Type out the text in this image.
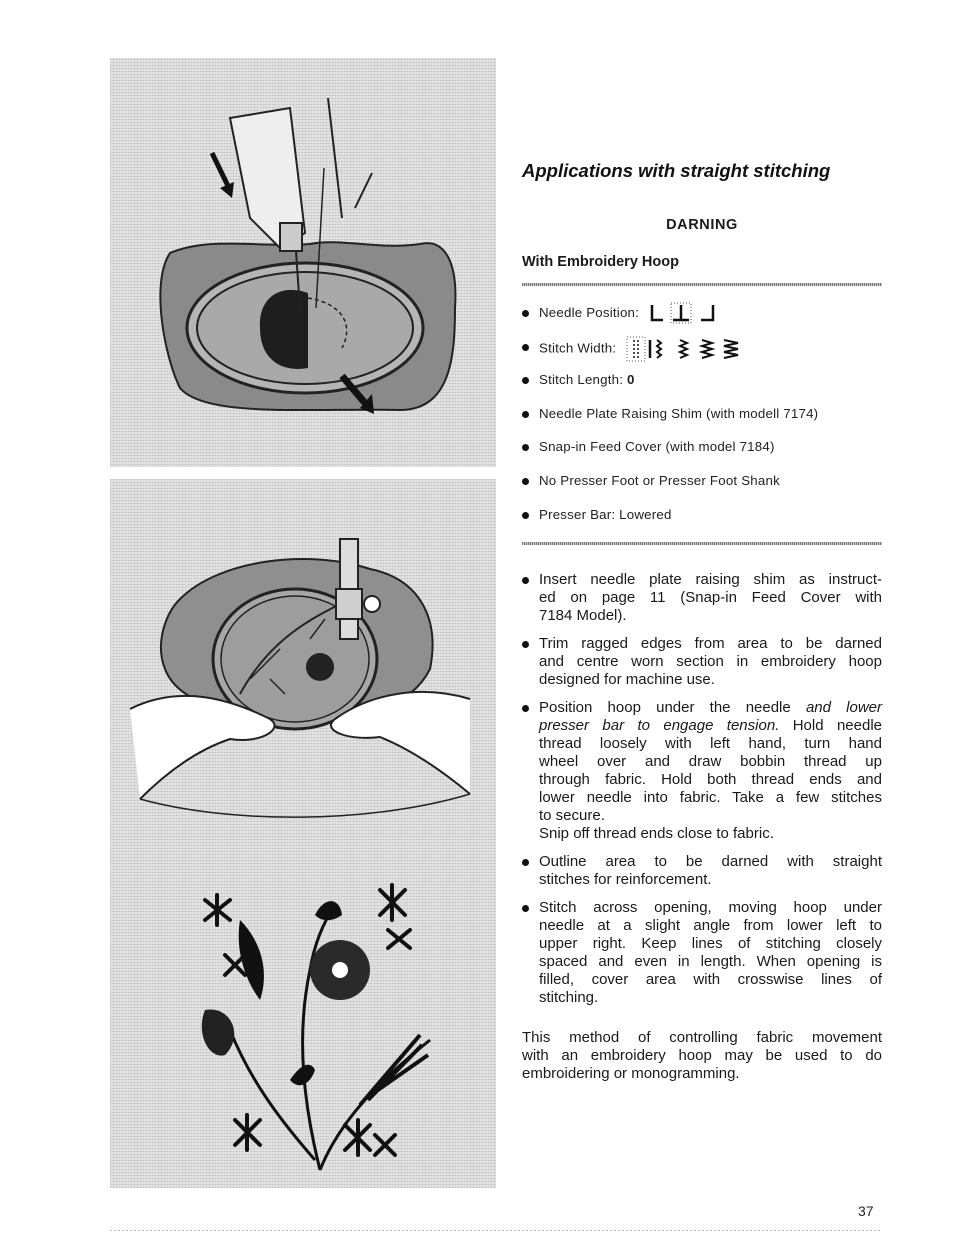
Applications with straight stitching
DARNING
With Embroidery Hoop
Needle Position:
Stitch Width:
Stitch Length: 0
Needle Plate Raising Shim (with modell 7174)
Snap-in Feed Cover (with model 7184)
No Presser Foot or Presser Foot Shank
Presser Bar: Lowered
Insert needle plate raising shim as instruct-
ed on page 11 (Snap-in Feed Cover with
7184 Model).
Trim ragged edges from area to be darned
and centre worn section in embroidery hoop
designed for machine use.
Position hoop under the needle and lower
presser bar to engage tension. Hold needle
thread loosely with left hand, turn hand
wheel over and draw bobbin thread up
through fabric. Hold both thread ends and
lower needle into fabric. Take a few stitches
to secure.
Snip off thread ends close to fabric.
Outline area to be darned with straight
stitches for reinforcement.
Stitch across opening, moving hoop under
needle at a slight angle from lower left to
upper right. Keep lines of stitching closely
spaced and even in length. When opening is
filled, cover area with crosswise lines of
stitching.
This method of controlling fabric movement
with an embroidery hoop may be used to do
embroidering or monogramming.
37
